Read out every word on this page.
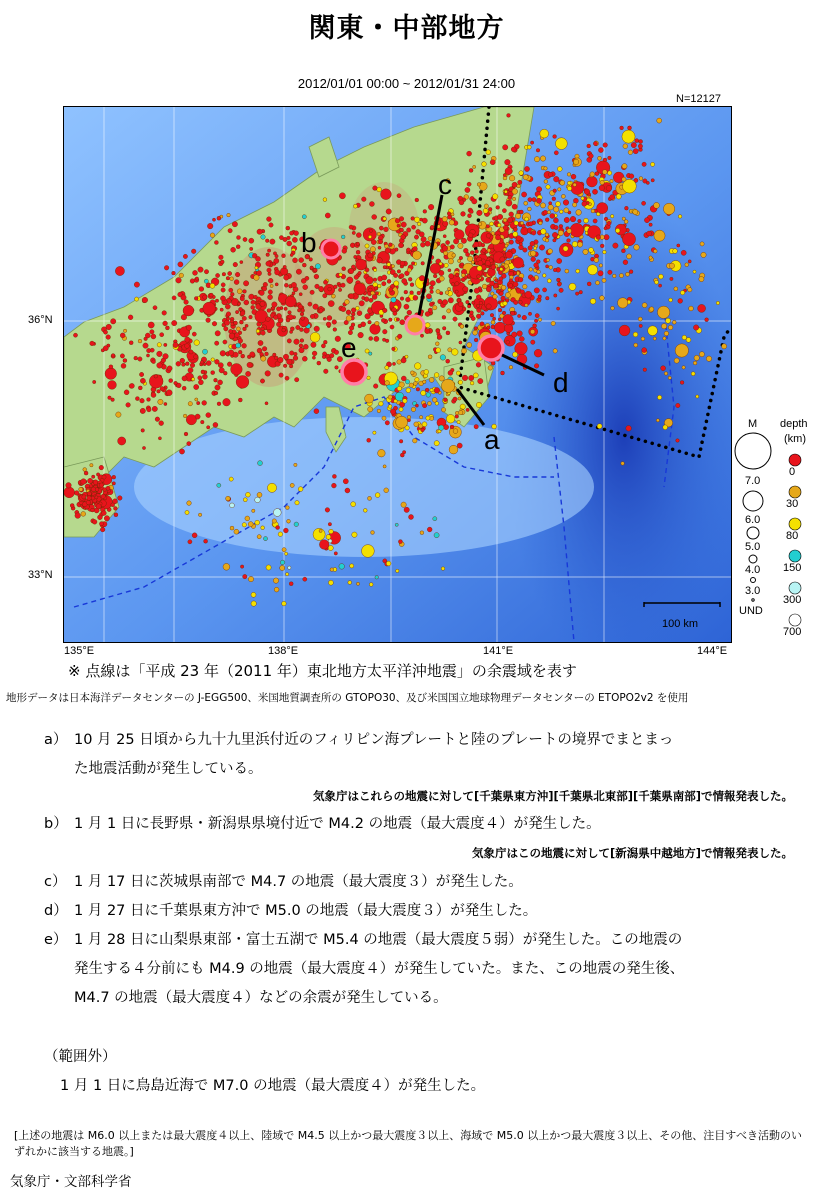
関東・中部地方
2012/01/01 00:00 ~ 2012/01/31 24:00
N=12127
a
b
c
d
e
100 km
135°E	138°E	141°E	144°E
36°N
33°N
M
7.0
6.0
5.0
4.0
3.0
UND
depth
(km)
0
30
80
150
300
700
※ 点線は「平成 23 年（2011 年）東北地方太平洋沖地震」の余震域を表す
地形データは日本海洋データセンターの J-EGG500、米国地質調査所の GTOPO30、及び米国国立地球物理データセンターの ETOPO2v2 を使用
a） 10 月 25 日頃から九十九里浜付近のフィリピン海プレートと陸のプレートの境界でまとまっ
た地震活動が発生している。
気象庁はこれらの地震に対して[千葉県東方沖][千葉県北東部][千葉県南部]で情報発表した。
b） 1 月 1 日に長野県・新潟県県境付近で M4.2 の地震（最大震度４）が発生した。
気象庁はこの地震に対して[新潟県中越地方]で情報発表した。
c） 1 月 17 日に茨城県南部で M4.7 の地震（最大震度３）が発生した。
d） 1 月 27 日に千葉県東方沖で M5.0 の地震（最大震度３）が発生した。
e） 1 月 28 日に山梨県東部・富士五湖で M5.4 の地震（最大震度５弱）が発生した。この地震の
発生する４分前にも M4.9 の地震（最大震度４）が発生していた。また、この地震の発生後、
M4.7 の地震（最大震度４）などの余震が発生している。
（範囲外）
1 月 1 日に鳥島近海で M7.0 の地震（最大震度４）が発生した。
[上述の地震は M6.0 以上または最大震度４以上、陸域で M4.5 以上かつ最大震度３以上、海域で M5.0 以上かつ最大震度３以上、その他、注目すべき活動のいずれかに該当する地震。]
気象庁・文部科学省
